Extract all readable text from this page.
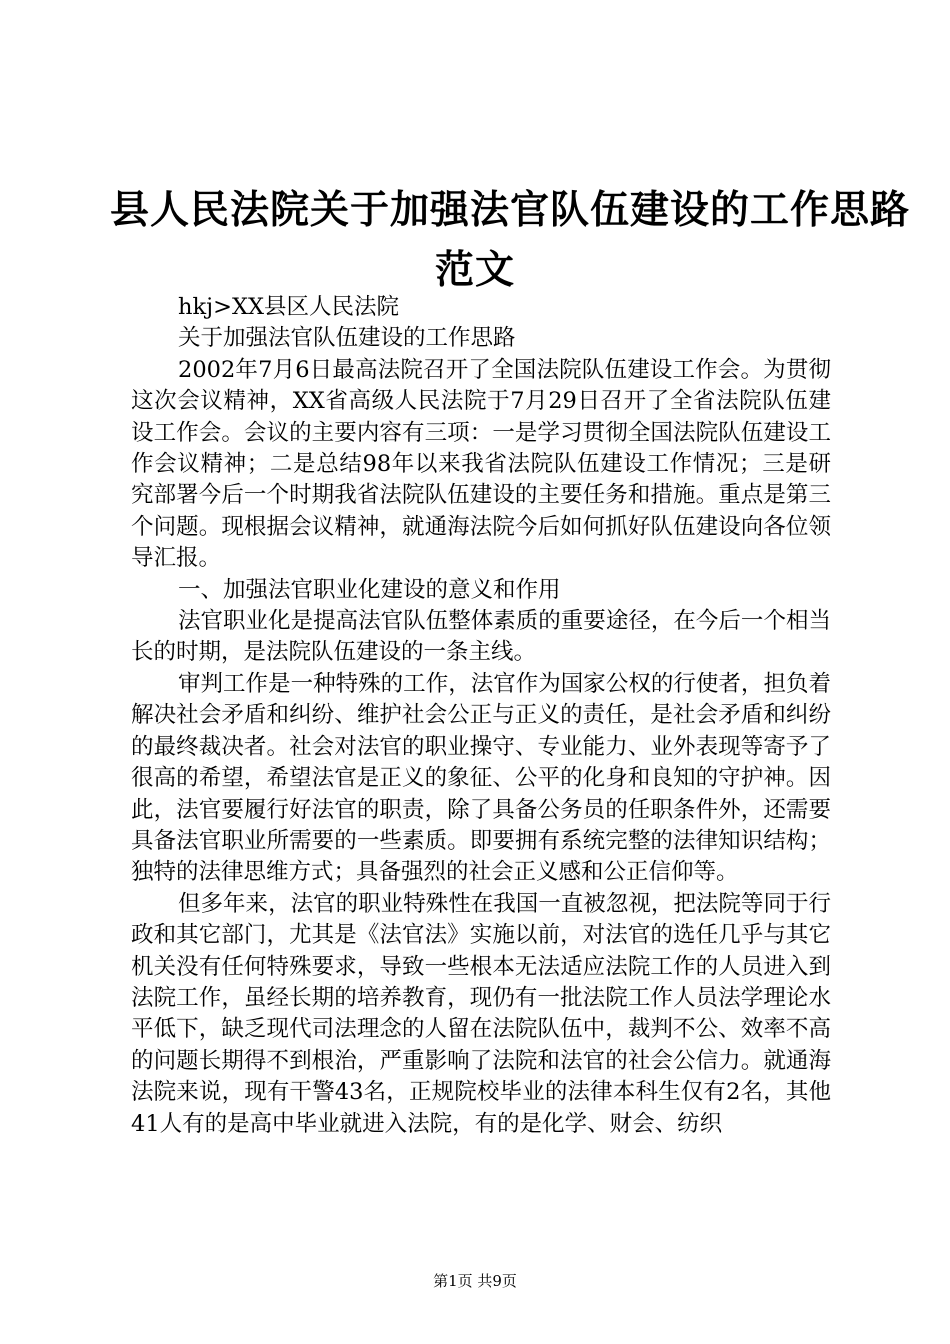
县人民法院关于加强法官队伍建设的工作思路
范文

hkj>XX县区人民法院

关于加强法官队伍建设的工作思路

2002年7月6日最高法院召开了全国法院队伍建设工作会。为贯彻这次会议精神，XX省高级人民法院于7月29日召开了全省法院队伍建设工作会。会议的主要内容有三项：一是学习贯彻全国法院队伍建设工作会议精神；二是总结98年以来我省法院队伍建设工作情况；三是研究部署今后一个时期我省法院队伍建设的主要任务和措施。重点是第三个问题。现根据会议精神，就通海法院今后如何抓好队伍建设向各位领导汇报。

一、加强法官职业化建设的意义和作用

法官职业化是提高法官队伍整体素质的重要途径，在今后一个相当长的时期，是法院队伍建设的一条主线。

审判工作是一种特殊的工作，法官作为国家公权的行使者，担负着解决社会矛盾和纠纷、维护社会公正与正义的责任，是社会矛盾和纠纷的最终裁决者。社会对法官的职业操守、专业能力、业外表现等寄予了很高的希望，希望法官是正义的象征、公平的化身和良知的守护神。因此，法官要履行好法官的职责，除了具备公务员的任职条件外，还需要具备法官职业所需要的一些素质。即要拥有系统完整的法律知识结构；独特的法律思维方式；具备强烈的社会正义感和公正信仰等。

但多年来，法官的职业特殊性在我国一直被忽视，把法院等同于行政和其它部门，尤其是《法官法》实施以前，对法官的选任几乎与其它机关没有任何特殊要求，导致一些根本无法适应法院工作的人员进入到法院工作，虽经长期的培养教育，现仍有一批法院工作人员法学理论水平低下，缺乏现代司法理念的人留在法院队伍中，裁判不公、效率不高的问题长期得不到根治，严重影响了法院和法官的社会公信力。就通海法院来说，现有干警43名，正规院校毕业的法律本科生仅有2名，其他41人有的是高中毕业就进入法院，有的是化学、财会、纺织

第1页 共9页
